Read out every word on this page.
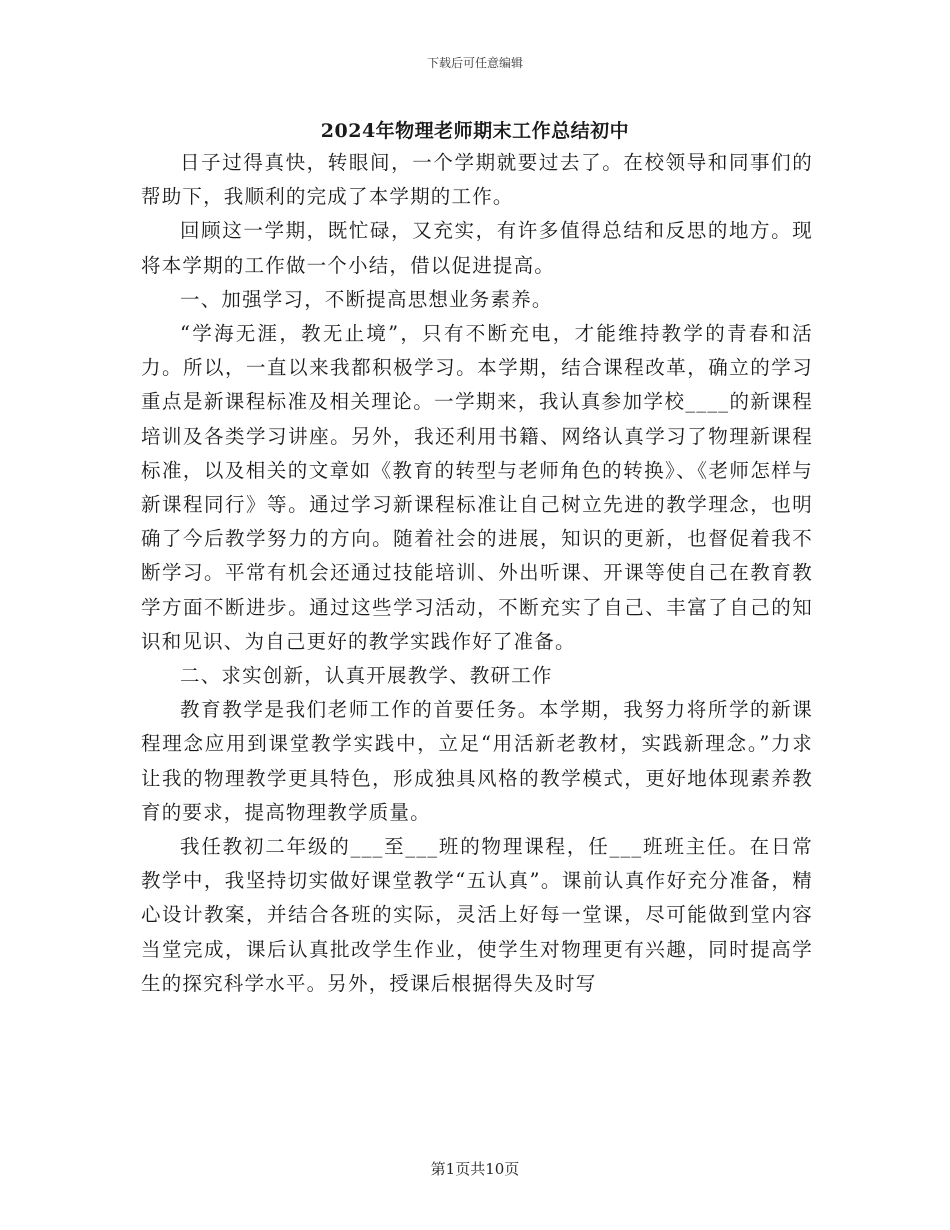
下载后可任意编辑
2024年物理老师期末工作总结初中

日子过得真快，转眼间，一个学期就要过去了。在校领导和同事们的帮助下，我顺利的完成了本学期的工作。

回顾这一学期，既忙碌，又充实，有许多值得总结和反思的地方。现将本学期的工作做一个小结，借以促进提高。

一、加强学习，不断提高思想业务素养。

“学海无涯，教无止境”，只有不断充电，才能维持教学的青春和活力。所以，一直以来我都积极学习。本学期，结合课程改革，确立的学习重点是新课程标准及相关理论。一学期来，我认真参加学校____的新课程培训及各类学习讲座。另外，我还利用书籍、网络认真学习了物理新课程标准，以及相关的文章如《教育的转型与老师角色的转换》、《老师怎样与新课程同行》等。通过学习新课程标准让自己树立先进的教学理念，也明确了今后教学努力的方向。随着社会的进展，知识的更新，也督促着我不断学习。平常有机会还通过技能培训、外出听课、开课等使自己在教育教学方面不断进步。通过这些学习活动，不断充实了自己、丰富了自己的知识和见识、为自己更好的教学实践作好了准备。

二、求实创新，认真开展教学、教研工作

教育教学是我们老师工作的首要任务。本学期，我努力将所学的新课程理念应用到课堂教学实践中，立足“用活新老教材，实践新理念。”力求让我的物理教学更具特色，形成独具风格的教学模式，更好地体现素养教育的要求，提高物理教学质量。

我任教初二年级的___至___班的物理课程，任___班班主任。在日常教学中，我坚持切实做好课堂教学“五认真”。课前认真作好充分准备，精心设计教案，并结合各班的实际，灵活上好每一堂课，尽可能做到堂内容当堂完成，课后认真批改学生作业，使学生对物理更有兴趣，同时提高学生的探究科学水平。另外，授课后根据得失及时写

第1页共10页
